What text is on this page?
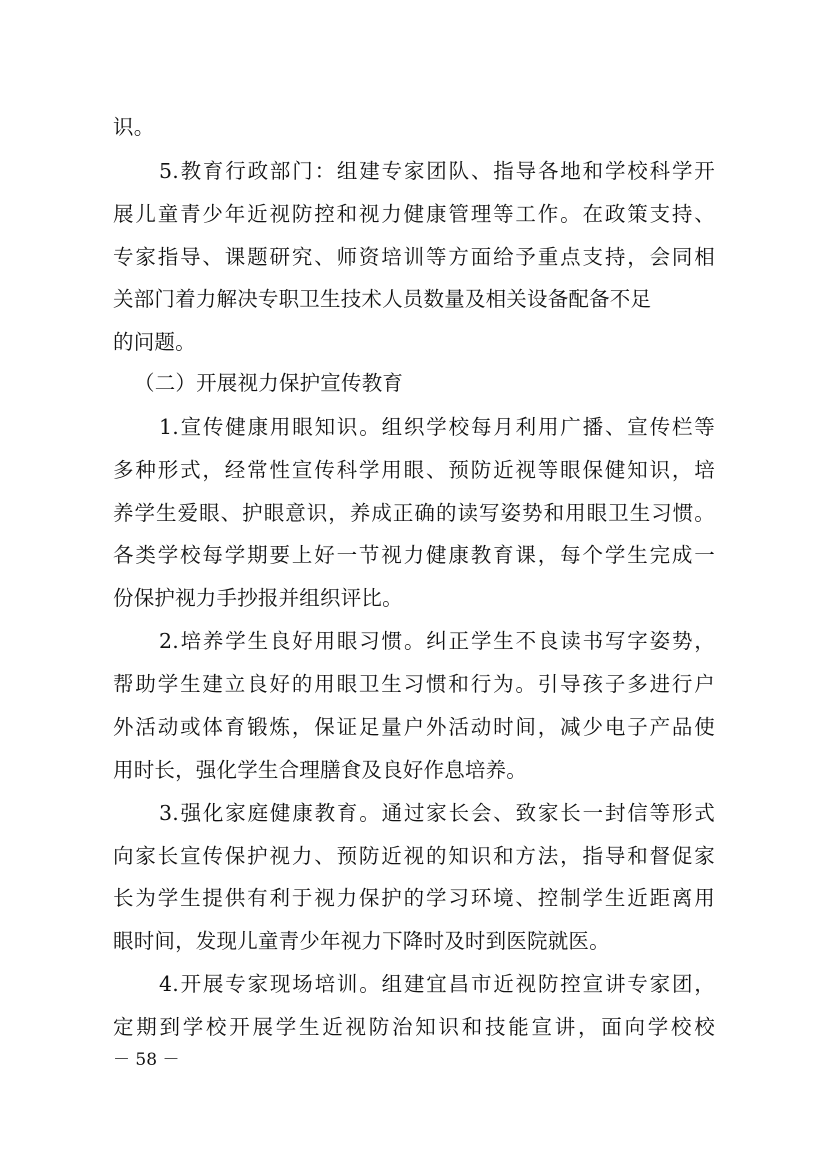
识。
5.教育行政部门：组建专家团队、指导各地和学校科学开
展儿童青少年近视防控和视力健康管理等工作。在政策支持、
专家指导、课题研究、师资培训等方面给予重点支持，会同相
关部门着力解决专职卫生技术人员数量及相关设备配备不足
的问题。
（二）开展视力保护宣传教育
1.宣传健康用眼知识。组织学校每月利用广播、宣传栏等
多种形式，经常性宣传科学用眼、预防近视等眼保健知识，培
养学生爱眼、护眼意识，养成正确的读写姿势和用眼卫生习惯。
各类学校每学期要上好一节视力健康教育课，每个学生完成一
份保护视力手抄报并组织评比。
2.培养学生良好用眼习惯。纠正学生不良读书写字姿势，
帮助学生建立良好的用眼卫生习惯和行为。引导孩子多进行户
外活动或体育锻炼，保证足量户外活动时间，减少电子产品使
用时长，强化学生合理膳食及良好作息培养。
3.强化家庭健康教育。通过家长会、致家长一封信等形式
向家长宣传保护视力、预防近视的知识和方法，指导和督促家
长为学生提供有利于视力保护的学习环境、控制学生近距离用
眼时间，发现儿童青少年视力下降时及时到医院就医。
4.开展专家现场培训。组建宜昌市近视防控宣讲专家团，
定期到学校开展学生近视防治知识和技能宣讲，面向学校校
－ 58 －
